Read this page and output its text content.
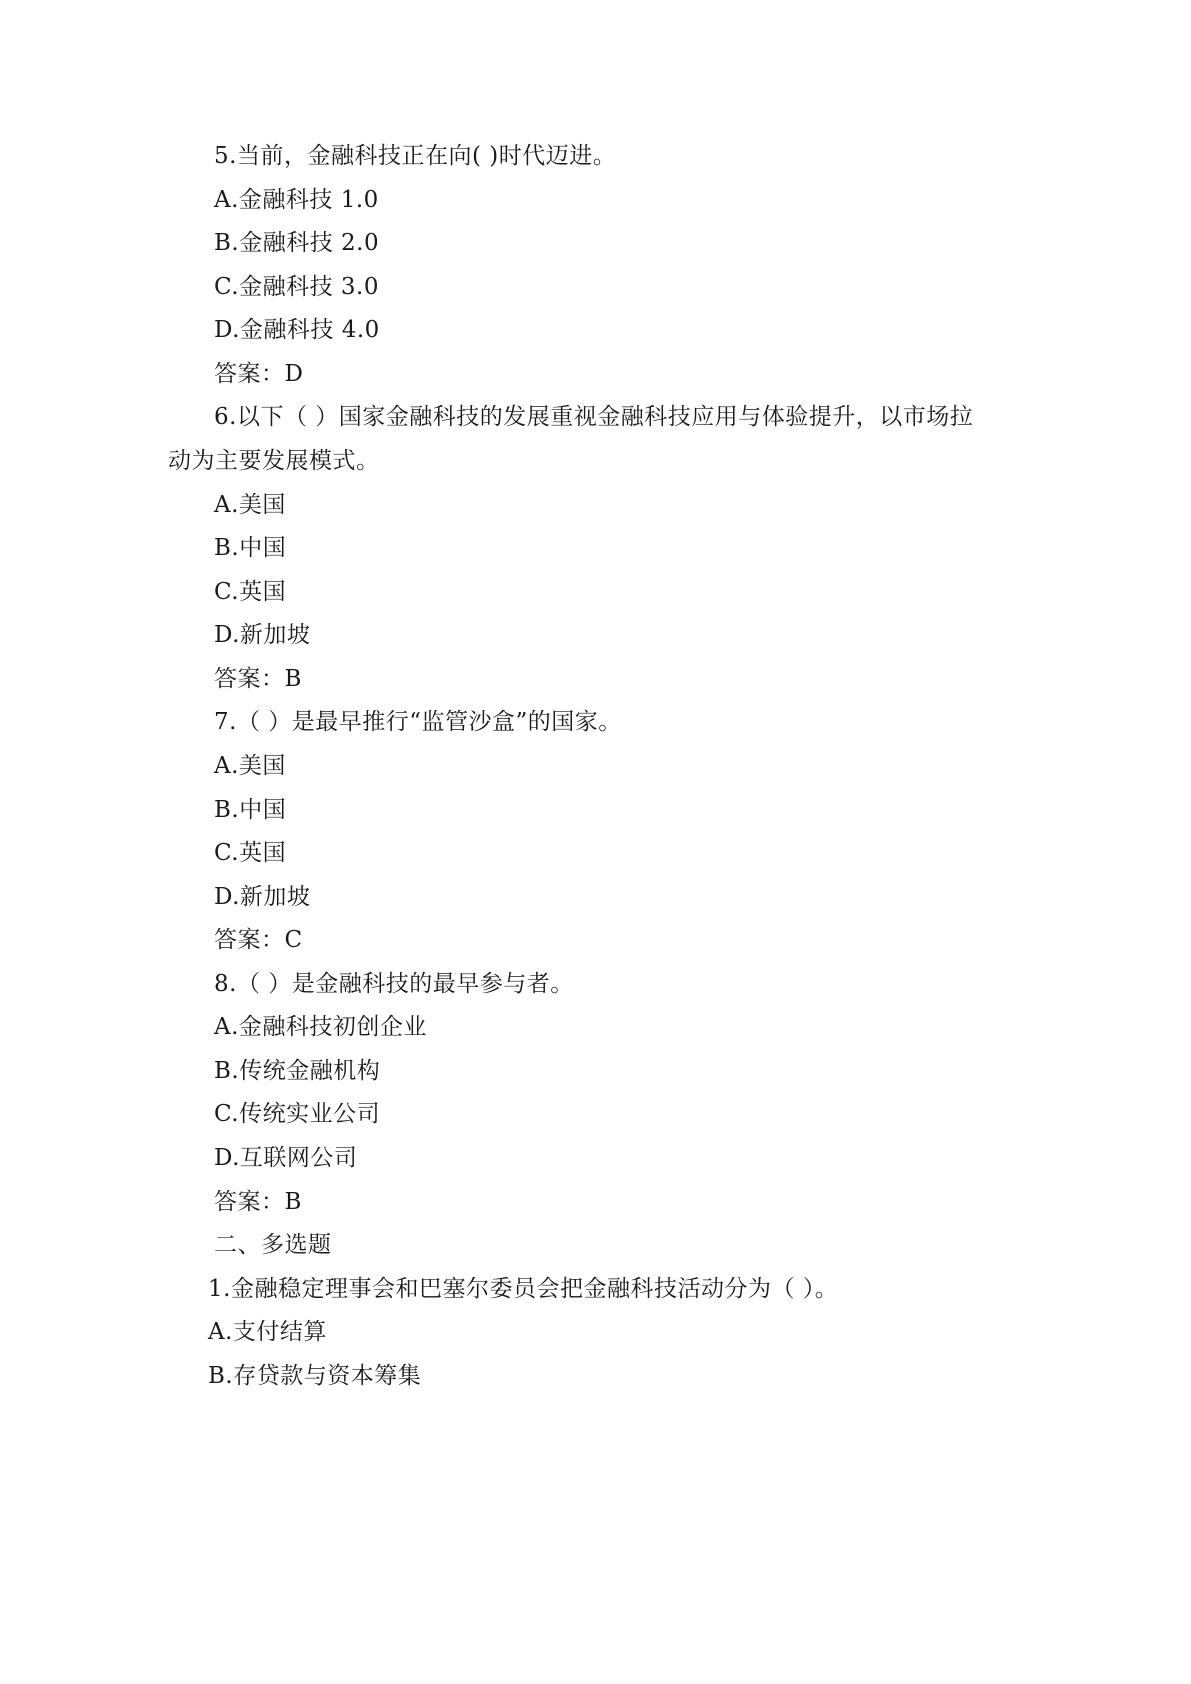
5.当前，金融科技正在向( )时代迈进。
A.金融科技 1.0
B.金融科技 2.0
C.金融科技 3.0
D.金融科技 4.0
答案：D
6.以下（ ）国家金融科技的发展重视金融科技应用与体验提升，以市场拉
动为主要发展模式。
A.美国
B.中国
C.英国
D.新加坡
答案：B
7.（ ）是最早推行“监管沙盒”的国家。
A.美国
B.中国
C.英国
D.新加坡
答案：C
8.（ ）是金融科技的最早参与者。
A.金融科技初创企业
B.传统金融机构
C.传统实业公司
D.互联网公司
答案：B
二、多选题
1.金融稳定理事会和巴塞尔委员会把金融科技活动分为（ ）。
A.支付结算
B.存贷款与资本筹集
